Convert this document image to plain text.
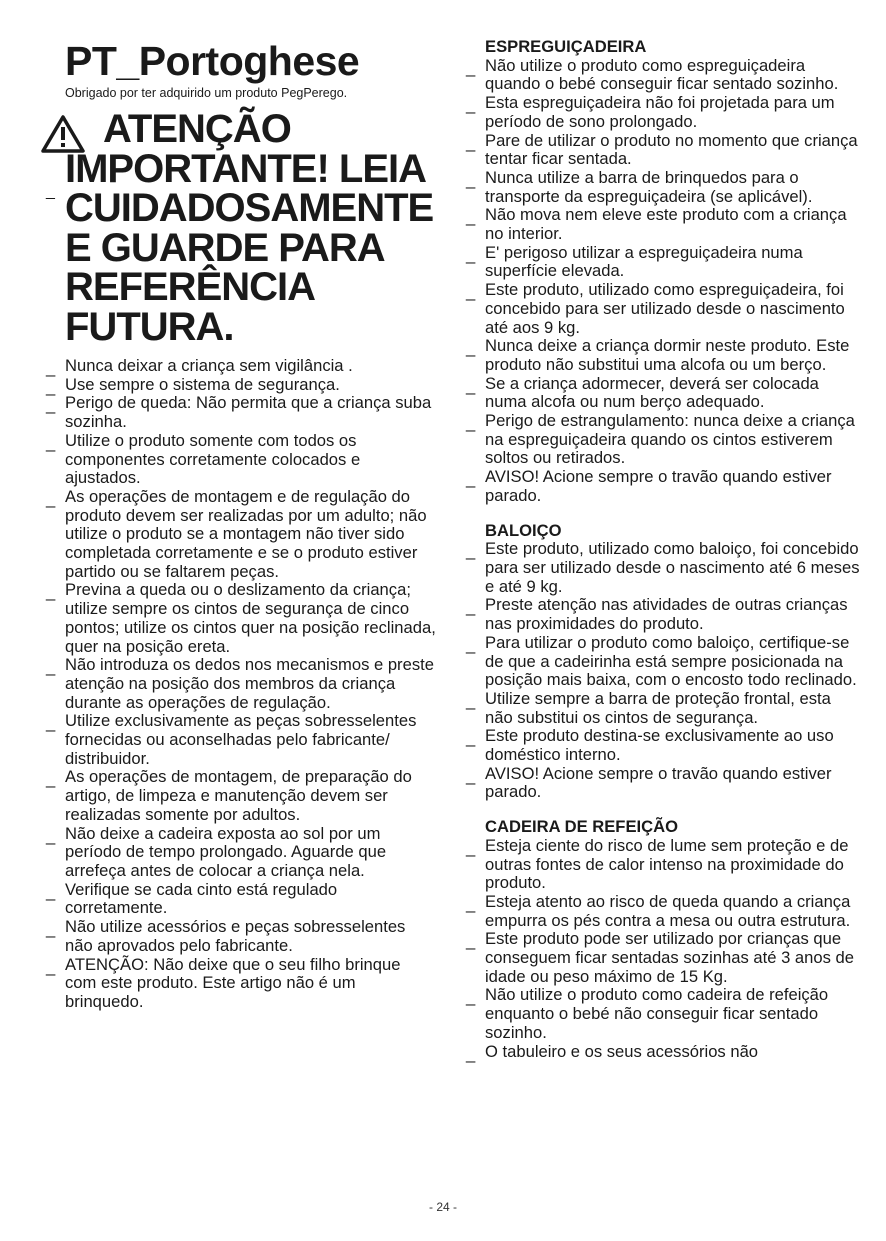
PT_Portoghese
Obrigado por ter adquirido um produto PegPerego.
_
ATENÇÃO IMPORTANTE! LEIA CUIDADOSAMENTE E GUARDE PARA REFERÊNCIA FUTURA.
_ Nunca deixar a criança sem vigilância .
_ Use sempre o sistema de segurança.
_ Perigo de queda: Não permita que a criança suba sozinha.
_ Utilize o produto somente com todos os componentes corretamente colocados e ajustados.
_ As operações de montagem e de regulação do produto devem ser realizadas por um adulto; não utilize o produto se a montagem não tiver sido completada corretamente e se o produto estiver partido ou se faltarem peças.
_ Previna a queda ou o deslizamento da criança; utilize sempre os cintos de segurança de cinco pontos; utilize os cintos quer na posição reclinada, quer na posição ereta.
_ Não introduza os dedos nos mecanismos e preste atenção na posição dos membros da criança durante as operações de regulação.
_ Utilize exclusivamente as peças sobresselentes fornecidas ou aconselhadas pelo fabricante/ distribuidor.
_ As operações de montagem, de preparação do artigo, de limpeza e manutenção devem ser realizadas somente por adultos.
_ Não deixe a cadeira exposta ao sol por um período de tempo prolongado. Aguarde que arrefeça antes de colocar a criança nela.
_ Verifique se cada cinto está regulado corretamente.
_ Não utilize acessórios e peças sobresselentes não aprovados pelo fabricante.
_ ATENÇÃO: Não deixe que o seu filho brinque com este produto. Este artigo não é um brinquedo.
ESPREGUIÇADEIRA
_ Não utilize o produto como espreguiçadeira quando o bebé conseguir ficar sentado sozinho.
_ Esta espreguiçadeira não foi projetada para um período de sono prolongado.
_ Pare de utilizar o produto no momento que criança tentar ficar sentada.
_ Nunca utilize a barra de brinquedos para o transporte da espreguiçadeira (se aplicável).
_ Não mova nem eleve este produto com a criança no interior.
_ E' perigoso utilizar a espreguiçadeira numa superfície elevada.
_ Este produto, utilizado como espreguiçadeira, foi concebido para ser utilizado desde o nascimento até aos 9 kg.
_ Nunca deixe a criança dormir neste produto. Este produto não substitui uma alcofa ou um berço.
_ Se a criança adormecer, deverá ser colocada numa alcofa ou num berço adequado.
_ Perigo de estrangulamento: nunca deixe a criança na espreguiçadeira quando os cintos estiverem soltos ou retirados.
_ AVISO! Acione sempre o travão quando estiver parado.
BALOIÇO
_ Este produto, utilizado como baloiço, foi concebido para ser utilizado desde o nascimento até 6 meses e até 9 kg.
_ Preste atenção nas atividades de outras crianças nas proximidades do produto.
_ Para utilizar o produto como baloiço, certifique-se de que a cadeirinha está sempre posicionada na posição mais baixa, com o encosto todo reclinado.
_ Utilize sempre a barra de proteção frontal, esta não substitui os cintos de segurança.
_ Este produto destina-se exclusivamente ao uso doméstico interno.
_ AVISO! Acione sempre o travão quando estiver parado.
CADEIRA DE REFEIÇÃO
_ Esteja ciente do risco de lume sem proteção e de outras fontes de calor intenso na proximidade do produto.
_ Esteja atento ao risco de queda quando a criança empurra os pés contra a mesa ou outra estrutura.
_ Este produto pode ser utilizado por crianças que conseguem ficar sentadas sozinhas até 3 anos de idade ou peso máximo de 15 Kg.
_ Não utilize o produto como cadeira de refeição enquanto o bebé não conseguir ficar sentado sozinho.
_ O tabuleiro e os seus acessórios não
- 24 -
